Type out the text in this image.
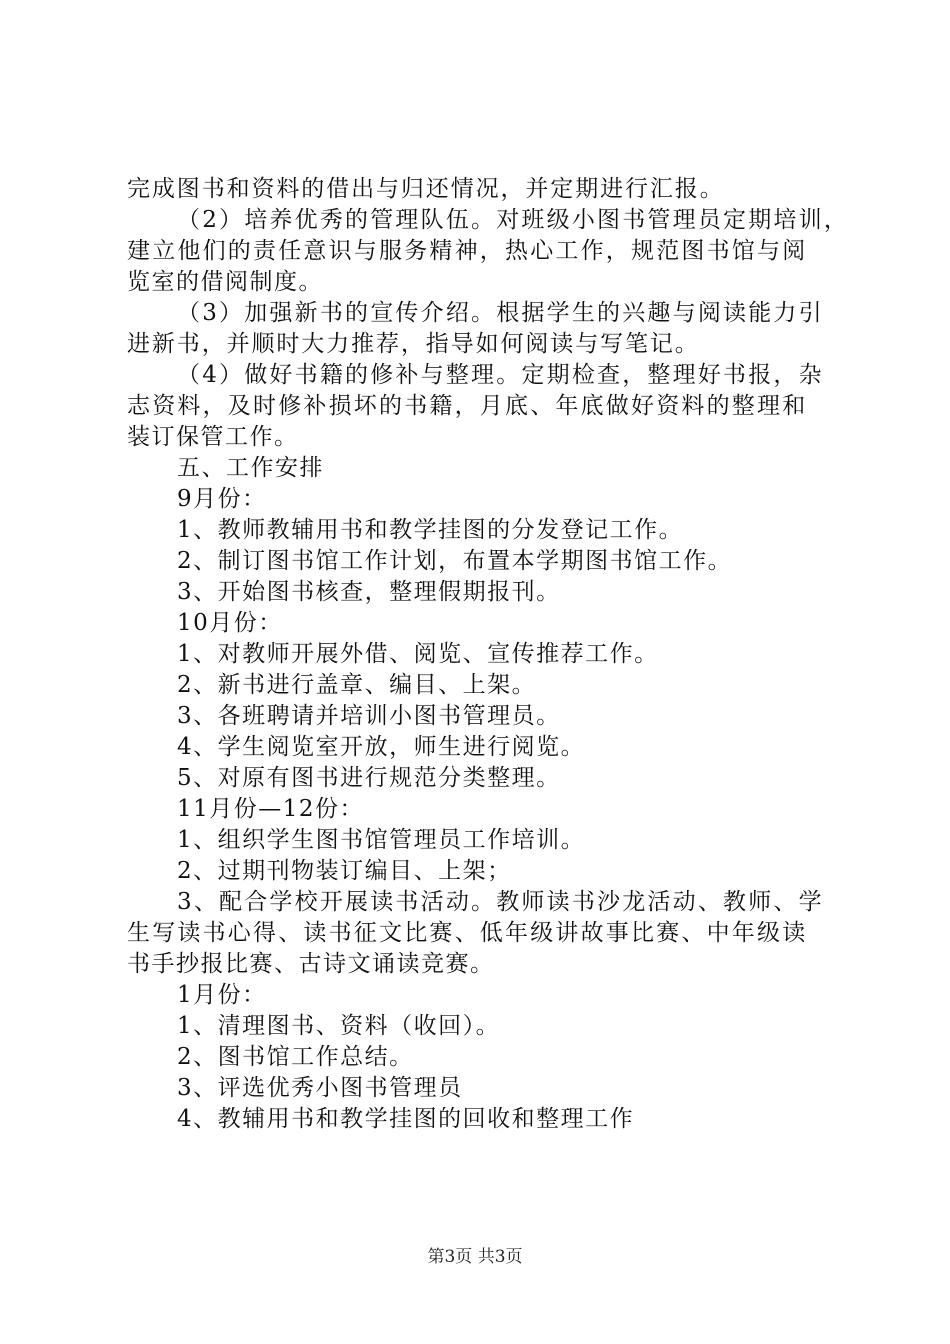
完成图书和资料的借出与归还情况，并定期进行汇报。
（2）培养优秀的管理队伍。对班级小图书管理员定期培训，
建立他们的责任意识与服务精神，热心工作，规范图书馆与阅
览室的借阅制度。
（3）加强新书的宣传介绍。根据学生的兴趣与阅读能力引
进新书，并顺时大力推荐，指导如何阅读与写笔记。
（4）做好书籍的修补与整理。定期检查，整理好书报，杂
志资料，及时修补损坏的书籍，月底、年底做好资料的整理和
装订保管工作。
五、工作安排
9月份：
1、教师教辅用书和教学挂图的分发登记工作。
2、制订图书馆工作计划，布置本学期图书馆工作。
3、开始图书核查，整理假期报刊。
10月份：
1、对教师开展外借、阅览、宣传推荐工作。
2、新书进行盖章、编目、上架。
3、各班聘请并培训小图书管理员。
4、学生阅览室开放，师生进行阅览。
5、对原有图书进行规范分类整理。
11月份—12份：
1、组织学生图书馆管理员工作培训。
2、过期刊物装订编目、上架；
3、配合学校开展读书活动。教师读书沙龙活动、教师、学
生写读书心得、读书征文比赛、低年级讲故事比赛、中年级读
书手抄报比赛、古诗文诵读竞赛。
1月份：
1、清理图书、资料（收回）。
2、图书馆工作总结。
3、评选优秀小图书管理员
4、教辅用书和教学挂图的回收和整理工作
第3页 共3页
